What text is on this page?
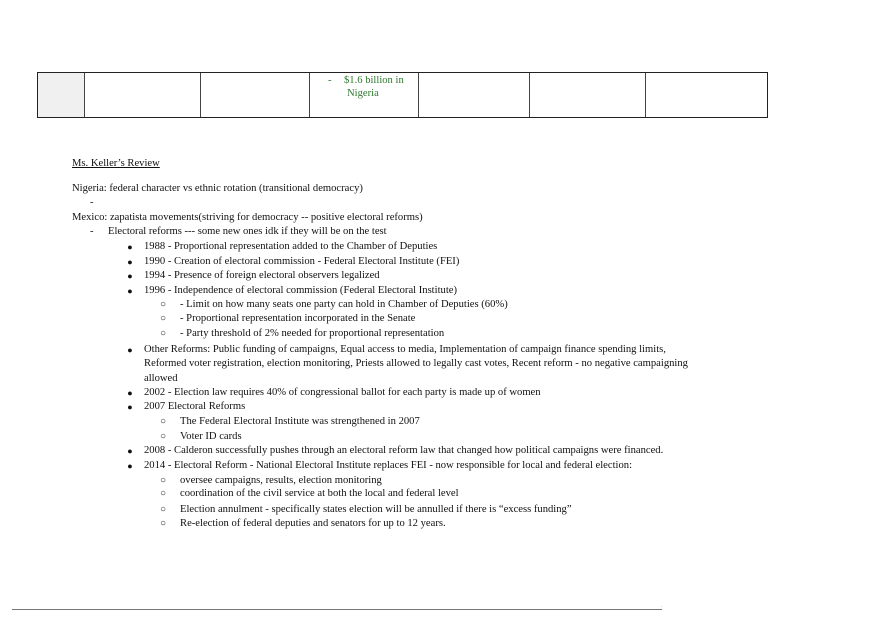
- $1.6 billion in
Nigeria
Ms. Keller’s Review
Nigeria: federal character vs ethnic rotation (transitional democracy)
-
Mexico: zapatista movements(striving for democracy -- positive electoral reforms)
- Electoral reforms --- some new ones idk if they will be on the test
● 1988 - Proportional representation added to the Chamber of Deputies
● 1990 - Creation of electoral commission - Federal Electoral Institute (FEI)
● 1994 - Presence of foreign electoral observers legalized
● 1996 - Independence of electoral commission (Federal Electoral Institute)
○ - Limit on how many seats one party can hold in Chamber of Deputies (60%)
○ - Proportional representation incorporated in the Senate
○ - Party threshold of 2% needed for proportional representation
● Other Reforms: Public funding of campaigns, Equal access to media, Implementation of campaign finance spending limits,
Reformed voter registration, election monitoring, Priests allowed to legally cast votes, Recent reform - no negative campaigning
allowed
● 2002 - Election law requires 40% of congressional ballot for each party is made up of women
● 2007 Electoral Reforms
○ The Federal Electoral Institute was strengthened in 2007
○ Voter ID cards
● 2008 - Calderon successfully pushes through an electoral reform law that changed how political campaigns were financed.
● 2014 - Electoral Reform - National Electoral Institute replaces FEI - now responsible for local and federal election:
○ oversee campaigns, results, election monitoring
○ coordination of the civil service at both the local and federal level
○ Election annulment - specifically states election will be annulled if there is “excess funding”
○ Re-election of federal deputies and senators for up to 12 years.
.
